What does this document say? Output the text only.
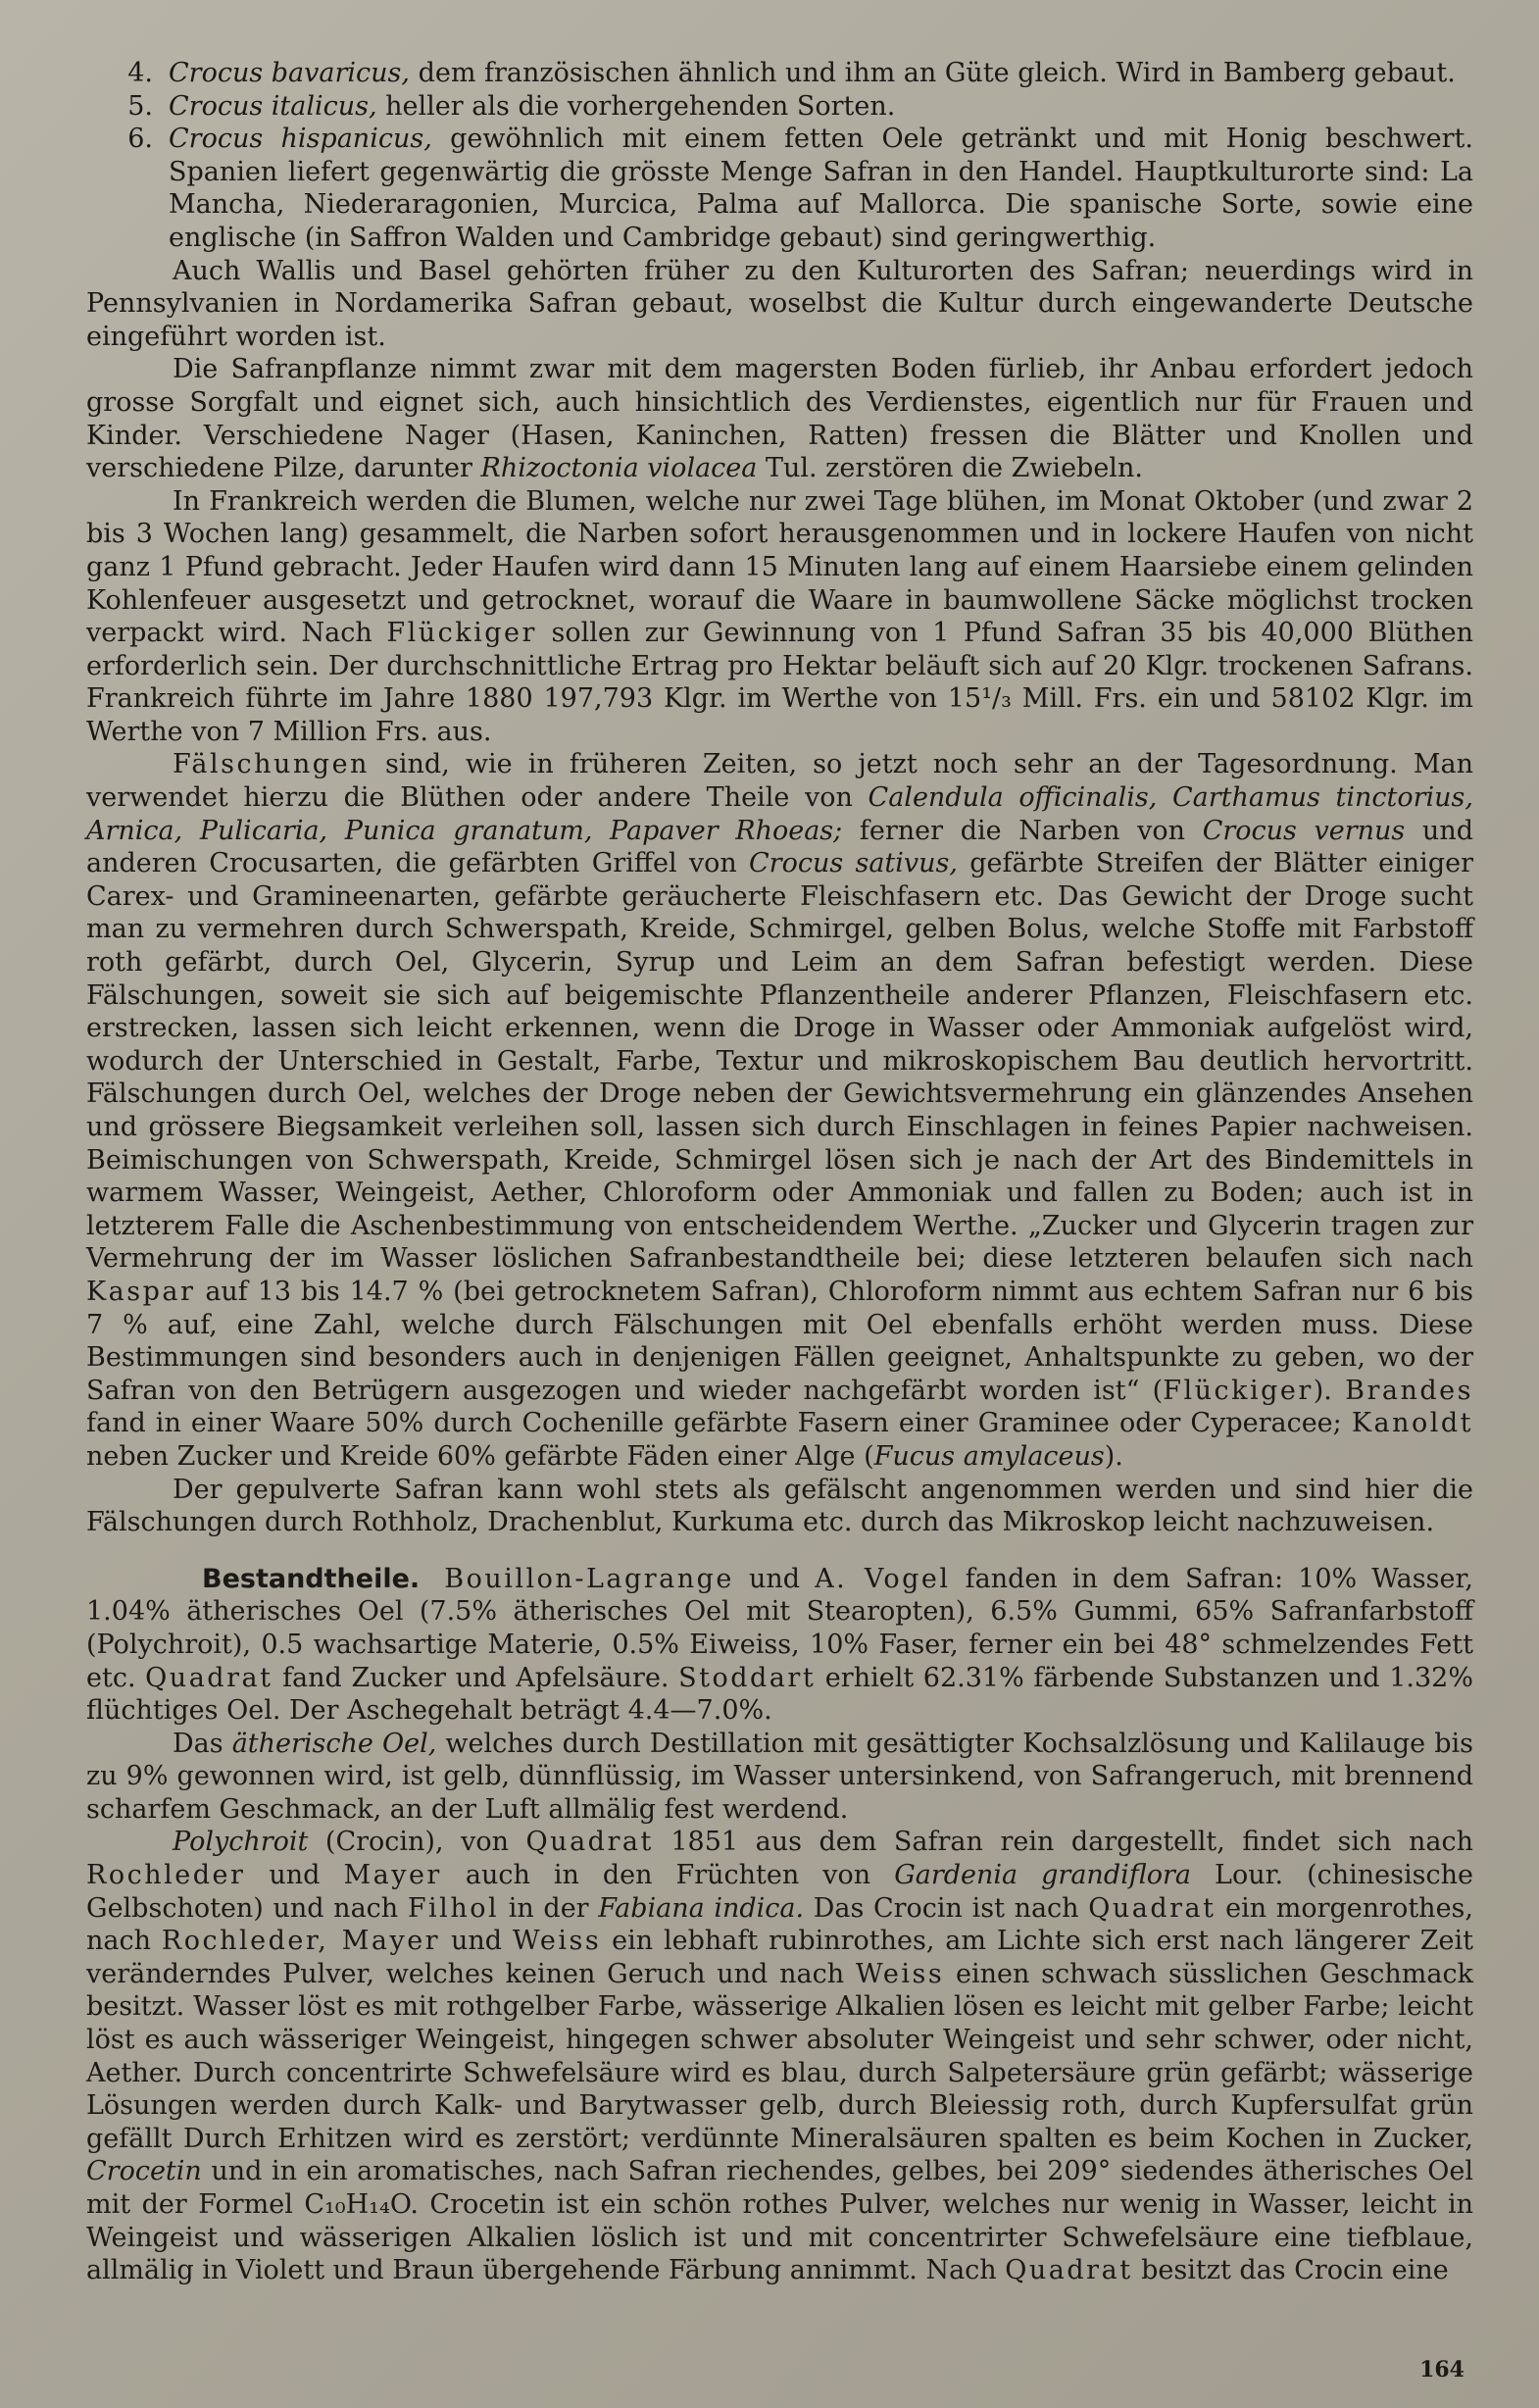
4. Crocus bavaricus, dem französischen ähnlich und ihm an Güte gleich. Wird in Bamberg gebaut.
5. Crocus italicus, heller als die vorhergehenden Sorten.
6. Crocus hispanicus, gewöhnlich mit einem fetten Oele getränkt und mit Honig beschwert. Spanien liefert gegenwärtig die grösste Menge Safran in den Handel. Hauptkulturorte sind: La Mancha, Niederaragonien, Murcica, Palma auf Mallorca. Die spanische Sorte, sowie eine englische (in Saffron Walden und Cambridge gebaut) sind geringwerthig.

Auch Wallis und Basel gehörten früher zu den Kulturorten des Safran; neuerdings wird in Pennsylvanien in Nordamerika Safran gebaut, woselbst die Kultur durch eingewanderte Deutsche eingeführt worden ist.

Die Safranpflanze nimmt zwar mit dem magersten Boden fürlieb, ihr Anbau erfordert jedoch grosse Sorgfalt und eignet sich, auch hinsichtlich des Verdienstes, eigentlich nur für Frauen und Kinder. Verschiedene Nager (Hasen, Kaninchen, Ratten) fressen die Blätter und Knollen und verschiedene Pilze, darunter Rhizoctonia violacea Tul. zerstören die Zwiebeln.

In Frankreich werden die Blumen, welche nur zwei Tage blühen, im Monat Oktober (und zwar 2 bis 3 Wochen lang) gesammelt, die Narben sofort herausgenommen und in lockere Haufen von nicht ganz 1 Pfund gebracht. Jeder Haufen wird dann 15 Minuten lang auf einem Haarsiebe einem gelinden Kohlenfeuer ausgesetzt und getrocknet, worauf die Waare in baumwollene Säcke möglichst trocken verpackt wird. Nach Flückiger sollen zur Gewinnung von 1 Pfund Safran 35 bis 40,000 Blüthen erforderlich sein. Der durchschnittliche Ertrag pro Hektar beläuft sich auf 20 Klgr. trockenen Safrans. Frankreich führte im Jahre 1880 197,793 Klgr. im Werthe von 15¹/₃ Mill. Frs. ein und 58102 Klgr. im Werthe von 7 Million Frs. aus.

Fälschungen sind, wie in früheren Zeiten, so jetzt noch sehr an der Tagesordnung. Man verwendet hierzu die Blüthen oder andere Theile von Calendula officinalis, Carthamus tinctorius, Arnica, Pulicaria, Punica granatum, Papaver Rhoeas; ferner die Narben von Crocus vernus und anderen Crocusarten, die gefärbten Griffel von Crocus sativus, gefärbte Streifen der Blätter einiger Carex- und Gramineenarten, gefärbte geräucherte Fleischfasern etc. Das Gewicht der Droge sucht man zu vermehren durch Schwerspath, Kreide, Schmirgel, gelben Bolus, welche Stoffe mit Farbstoff roth gefärbt, durch Oel, Glycerin, Syrup und Leim an dem Safran befestigt werden. Diese Fälschungen, soweit sie sich auf beigemischte Pflanzentheile anderer Pflanzen, Fleischfasern etc. erstrecken, lassen sich leicht erkennen, wenn die Droge in Wasser oder Ammoniak aufgelöst wird, wodurch der Unterschied in Gestalt, Farbe, Textur und mikroskopischem Bau deutlich hervortritt. Fälschungen durch Oel, welches der Droge neben der Gewichtsvermehrung ein glänzendes Ansehen und grössere Biegsamkeit verleihen soll, lassen sich durch Einschlagen in feines Papier nachweisen. Beimischungen von Schwerspath, Kreide, Schmirgel lösen sich je nach der Art des Bindemittels in warmem Wasser, Weingeist, Aether, Chloroform oder Ammoniak und fallen zu Boden; auch ist in letzterem Falle die Aschenbestimmung von entscheidendem Werthe. „Zucker und Glycerin tragen zur Vermehrung der im Wasser löslichen Safranbestandtheile bei; diese letzteren belaufen sich nach Kaspar auf 13 bis 14.7 % (bei getrocknetem Safran), Chloroform nimmt aus echtem Safran nur 6 bis 7 % auf, eine Zahl, welche durch Fälschungen mit Oel ebenfalls erhöht werden muss. Diese Bestimmungen sind besonders auch in denjenigen Fällen geeignet, Anhaltspunkte zu geben, wo der Safran von den Betrügern ausgezogen und wieder nachgefärbt worden ist“ (Flückiger). Brandes fand in einer Waare 50% durch Cochenille gefärbte Fasern einer Graminee oder Cyperacee; Kanoldt neben Zucker und Kreide 60% gefärbte Fäden einer Alge (Fucus amylaceus).

Der gepulverte Safran kann wohl stets als gefälscht angenommen werden und sind hier die Fälschungen durch Rothholz, Drachenblut, Kurkuma etc. durch das Mikroskop leicht nachzuweisen.

Bestandtheile. Bouillon-Lagrange und A. Vogel fanden in dem Safran: 10% Wasser, 1.04% ätherisches Oel (7.5% ätherisches Oel mit Stearopten), 6.5% Gummi, 65% Safranfarbstoff (Polychroit), 0.5 wachsartige Materie, 0.5% Eiweiss, 10% Faser, ferner ein bei 48° schmelzendes Fett etc. Quadrat fand Zucker und Apfelsäure. Stoddart erhielt 62.31% färbende Substanzen und 1.32% flüchtiges Oel. Der Aschegehalt beträgt 4.4—7.0%.

Das ätherische Oel, welches durch Destillation mit gesättigter Kochsalzlösung und Kalilauge bis zu 9% gewonnen wird, ist gelb, dünnflüssig, im Wasser untersinkend, von Safrangeruch, mit brennend scharfem Geschmack, an der Luft allmälig fest werdend.

Polychroit (Crocin), von Quadrat 1851 aus dem Safran rein dargestellt, findet sich nach Rochleder und Mayer auch in den Früchten von Gardenia grandiflora Lour. (chinesische Gelbschoten) und nach Filhol in der Fabiana indica. Das Crocin ist nach Quadrat ein morgenrothes, nach Rochleder, Mayer und Weiss ein lebhaft rubinrothes, am Lichte sich erst nach längerer Zeit veränderndes Pulver, welches keinen Geruch und nach Weiss einen schwach süsslichen Geschmack besitzt. Wasser löst es mit rothgelber Farbe, wässerige Alkalien lösen es leicht mit gelber Farbe; leicht löst es auch wässeriger Weingeist, hingegen schwer absoluter Weingeist und sehr schwer, oder nicht, Aether. Durch concentrirte Schwefelsäure wird es blau, durch Salpetersäure grün gefärbt; wässerige Lösungen werden durch Kalk- und Barytwasser gelb, durch Bleiessig roth, durch Kupfersulfat grün gefällt Durch Erhitzen wird es zerstört; verdünnte Mineralsäuren spalten es beim Kochen in Zucker, Crocetin und in ein aromatisches, nach Safran riechendes, gelbes, bei 209° siedendes ätherisches Oel mit der Formel C₁₀H₁₄O. Crocetin ist ein schön rothes Pulver, welches nur wenig in Wasser, leicht in Weingeist und wässerigen Alkalien löslich ist und mit concentrirter Schwefelsäure eine tiefblaue, allmälig in Violett und Braun übergehende Färbung annimmt. Nach Quadrat besitzt das Crocin eine

164
